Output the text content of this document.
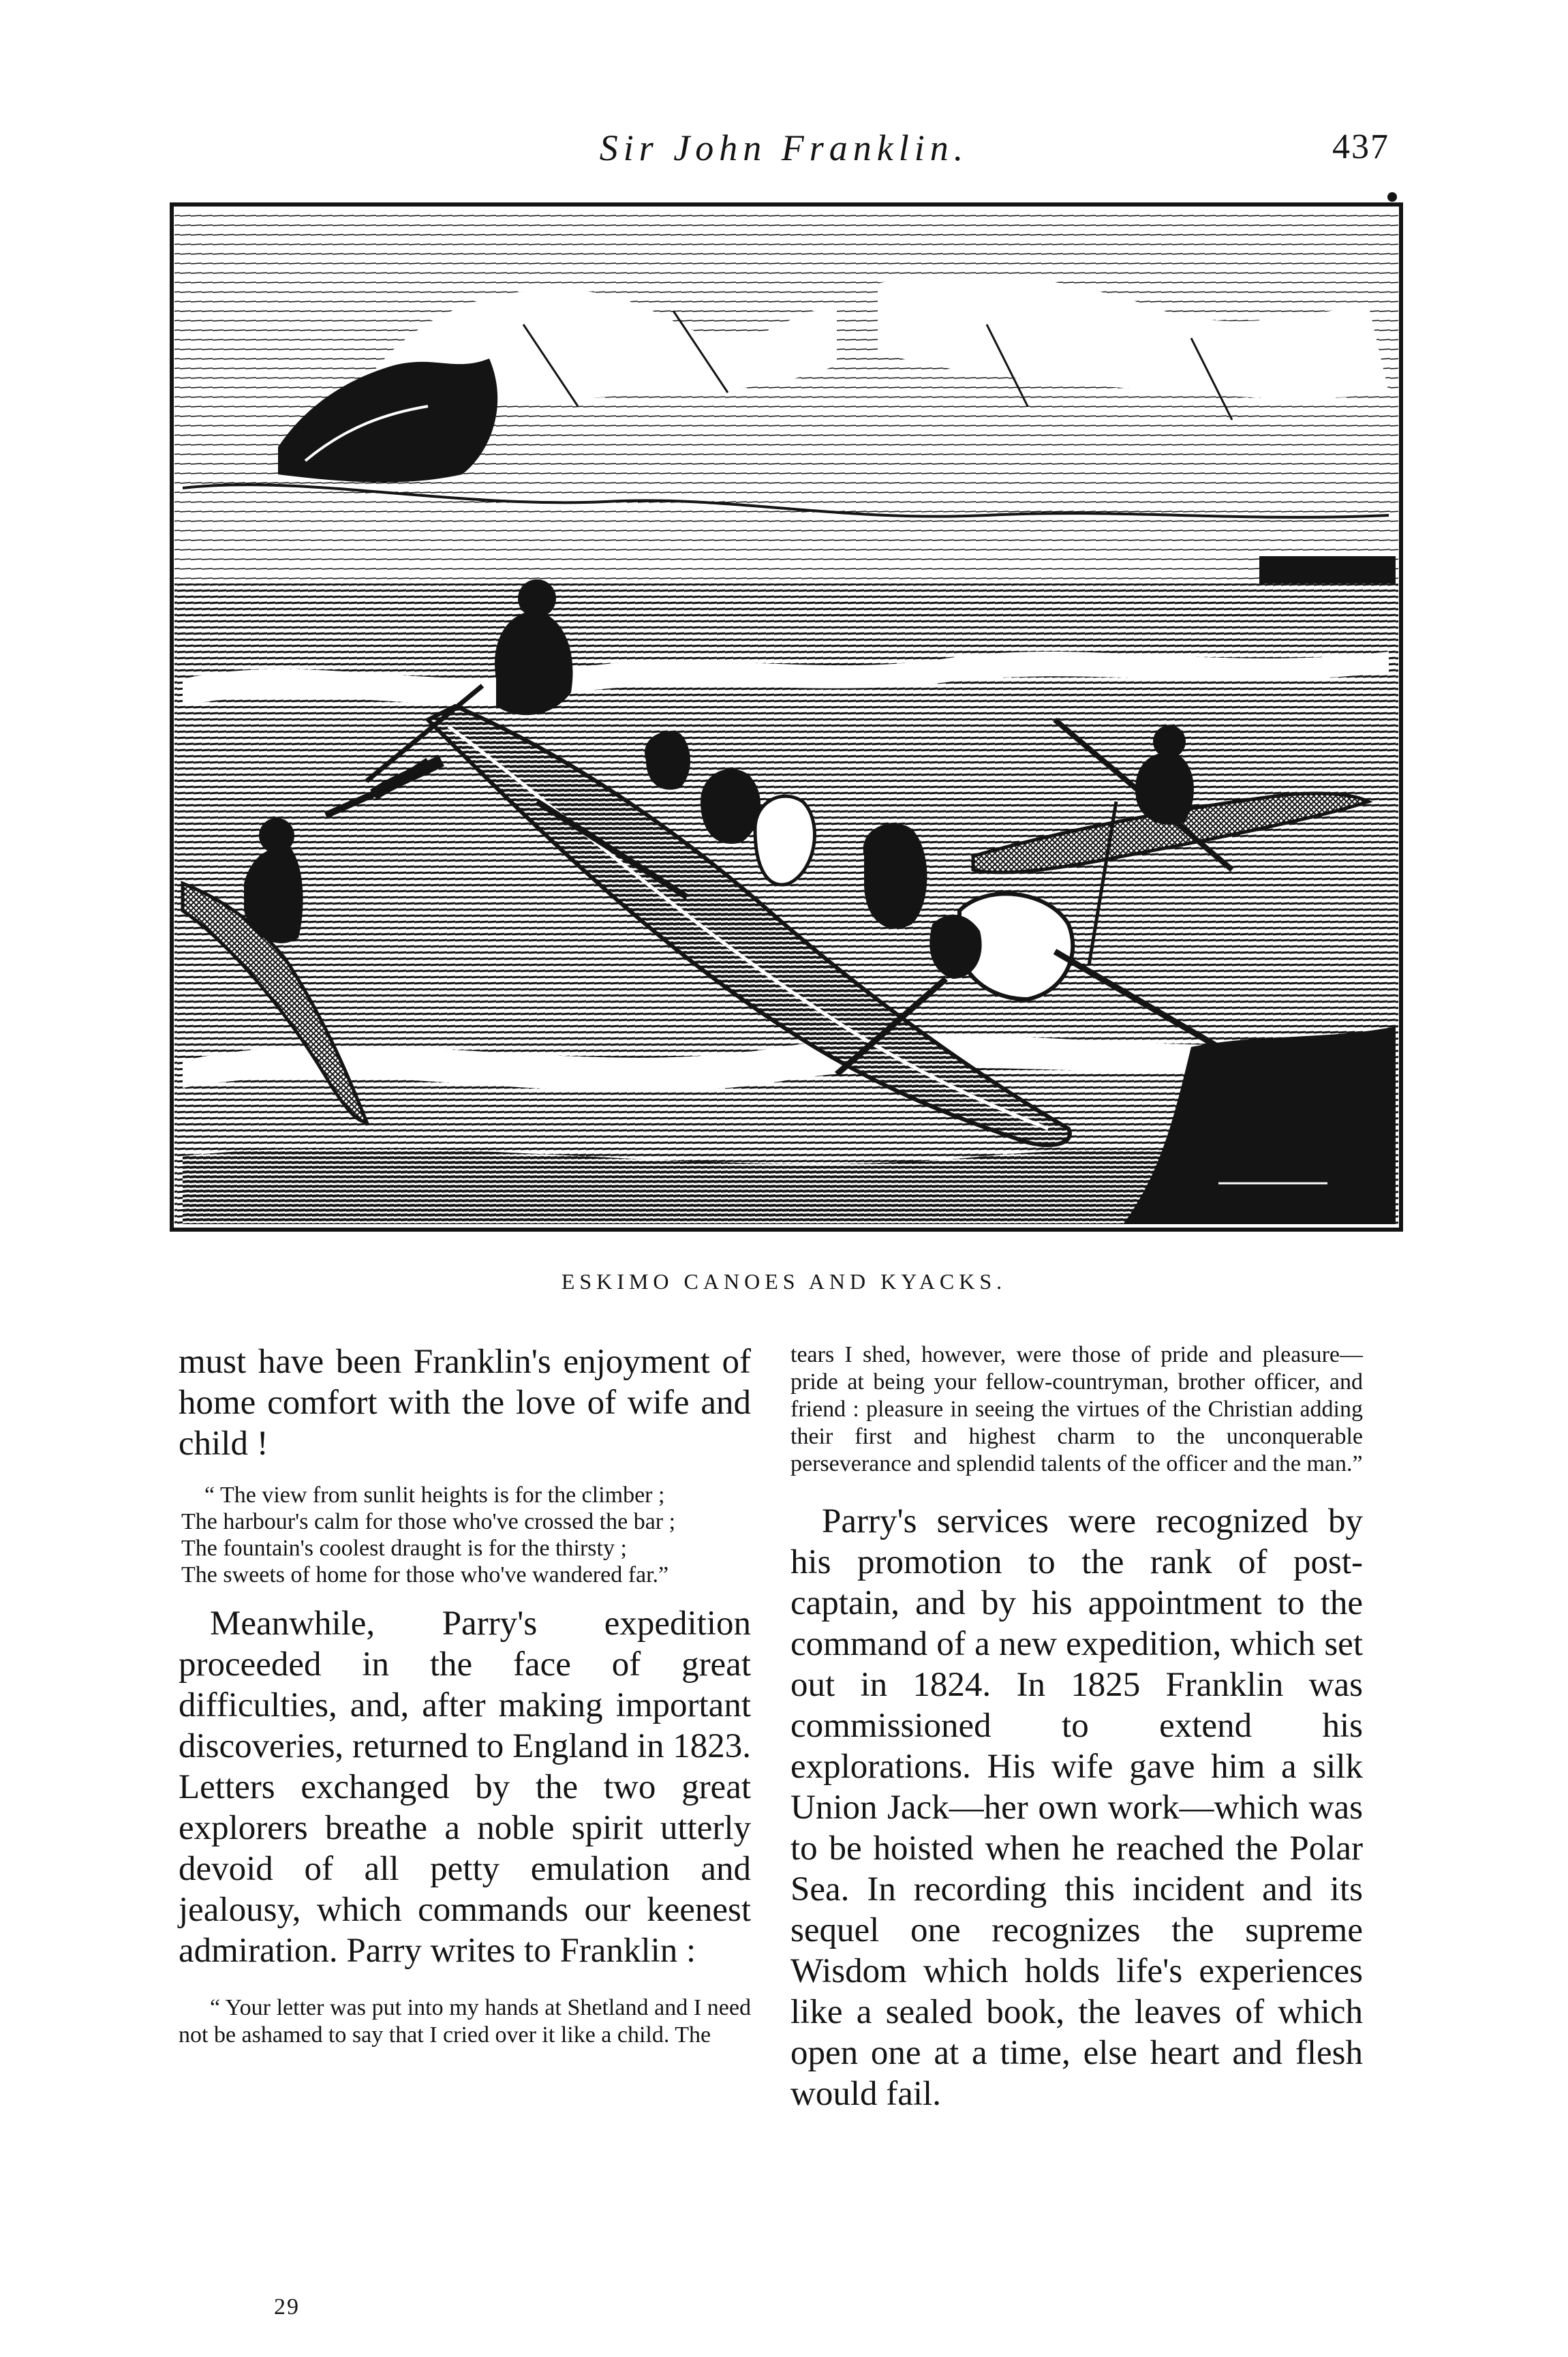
Sir John Franklin.	437
ESKIMO CANOES AND KYACKS.

must have been Franklin's enjoyment of home comfort with the love of wife and child !

“ The view from sunlit heights is for the climber ;

The harbour's calm for those who've crossed the bar ;

The fountain's coolest draught is for the thirsty ;

The sweets of home for those who've wandered far.”

Meanwhile, Parry's expedition proceeded in the face of great difficulties, and, after making important discoveries, returned to England in 1823. Letters exchanged by the two great explorers breathe a noble spirit utterly devoid of all petty emulation and jealousy, which commands our keenest admiration. Parry writes to Franklin :

“ Your letter was put into my hands at Shetland and I need not be ashamed to say that I cried over it like a child. The

tears I shed, however, were those of pride and pleasure—pride at being your fellow-countryman, brother officer, and friend : pleasure in seeing the virtues of the Christian adding their first and highest charm to the unconquerable perseverance and splendid talents of the officer and the man.”

Parry's services were recognized by his promotion to the rank of post-captain, and by his appointment to the command of a new expedition, which set out in 1824. In 1825 Franklin was commissioned to extend his explorations. His wife gave him a silk Union Jack—her own work—which was to be hoisted when he reached the Polar Sea. In recording this incident and its sequel one recognizes the supreme Wisdom which holds life's experiences like a sealed book, the leaves of which open one at a time, else heart and flesh would fail.

29
